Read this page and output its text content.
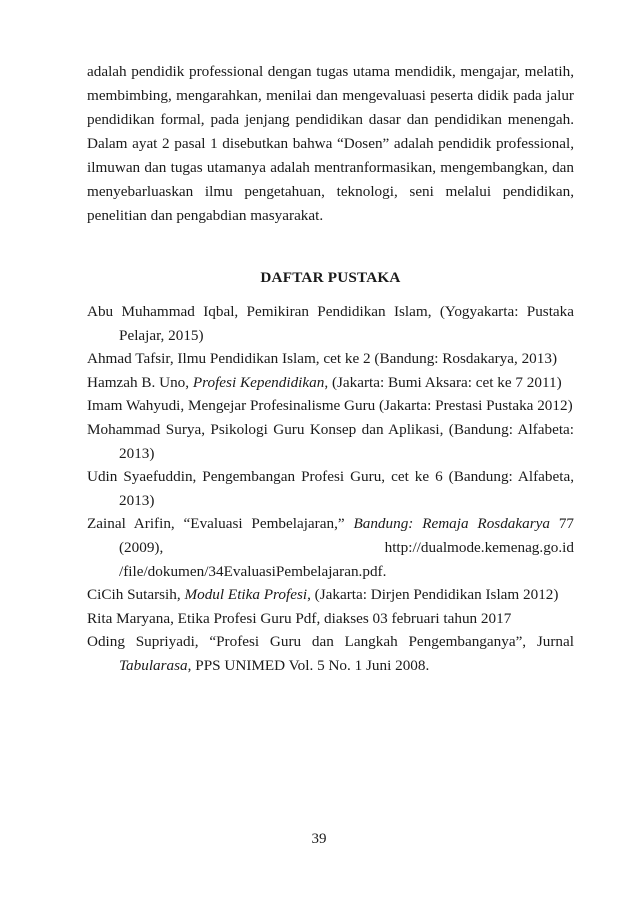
adalah pendidik professional dengan tugas utama mendidik, mengajar, melatih, membimbing, mengarahkan, menilai dan mengevaluasi peserta didik pada jalur pendidikan formal, pada jenjang pendidikan dasar dan pendidikan menengah. Dalam ayat 2 pasal 1 disebutkan bahwa “Dosen” adalah pendidik professional, ilmuwan dan tugas utamanya adalah mentranformasikan, mengembangkan, dan menyebarluaskan ilmu pengetahuan, teknologi, seni melalui pendidikan, penelitian dan pengabdian masyarakat.

DAFTAR PUSTAKA
Abu Muhammad Iqbal, Pemikiran Pendidikan Islam, (Yogyakarta: Pustaka Pelajar, 2015)
Ahmad Tafsir, Ilmu Pendidikan Islam, cet ke 2 (Bandung: Rosdakarya, 2013)
Hamzah B. Uno, Profesi Kependidikan, (Jakarta: Bumi Aksara: cet ke 7 2011)
Imam Wahyudi, Mengejar Profesinalisme Guru (Jakarta: Prestasi Pustaka 2012)
Mohammad Surya, Psikologi Guru Konsep dan Aplikasi, (Bandung: Alfabeta: 2013)
Udin Syaefuddin, Pengembangan Profesi Guru, cet ke 6 (Bandung: Alfabeta, 2013)
Zainal Arifin, “Evaluasi Pembelajaran,” Bandung: Remaja Rosdakarya 77 (2009), http://dualmode.kemenag.go.id /file/dokumen/34EvaluasiPembelajaran.pdf.
CiCih Sutarsih, Modul Etika Profesi, (Jakarta: Dirjen Pendidikan Islam 2012)
Rita Maryana, Etika Profesi Guru Pdf, diakses 03 februari tahun 2017
Oding Supriyadi, “Profesi Guru dan Langkah Pengembanganya”, Jurnal Tabularasa, PPS UNIMED Vol. 5 No. 1 Juni 2008.
39
